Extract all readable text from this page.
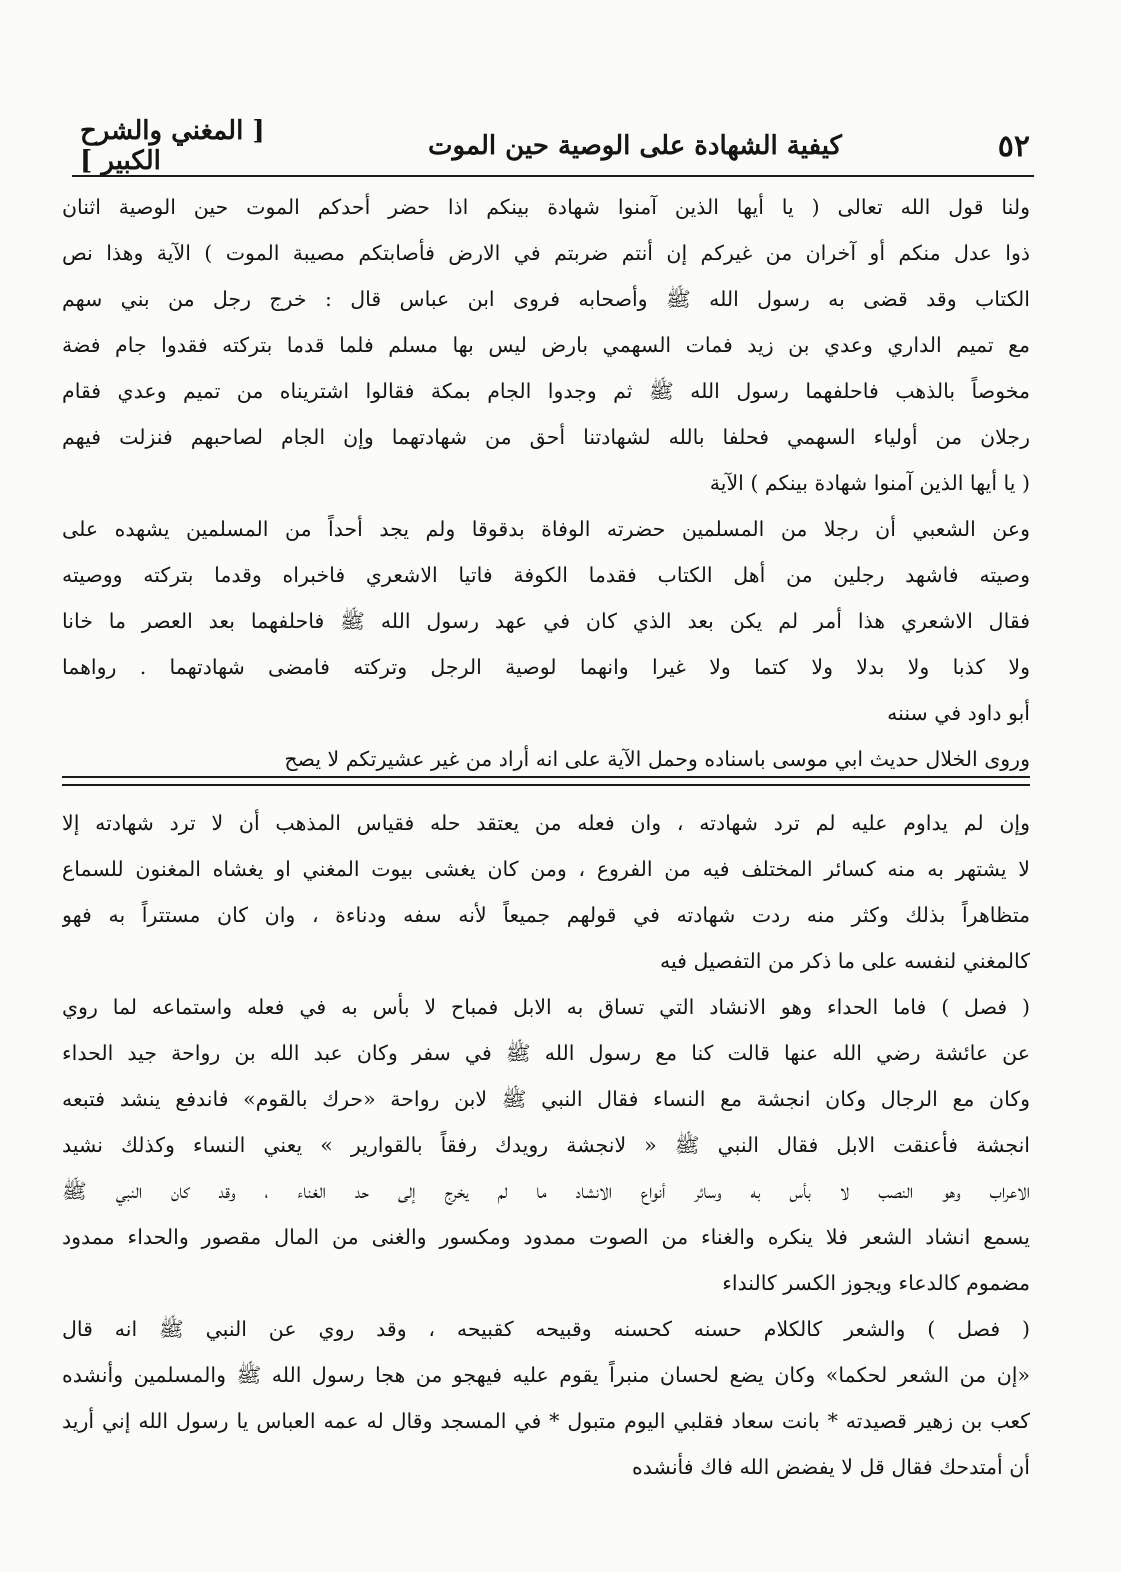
٥٢
كيفية الشهادة على الوصية حين الموت
[ المغني والشرح الكبير ]
ولنا قول الله تعالى ( يا أيها الذين آمنوا شهادة بينكم اذا حضر أحدكم الموت حين الوصية اثنان
ذوا عدل منكم أو آخران من غيركم إن أنتم ضربتم في الارض فأصابتكم مصيبة الموت ) الآية وهذا نص
الكتاب وقد قضى به رسول الله ﷺ وأصحابه فروى ابن عباس قال : خرج رجل من بني سهم
مع تميم الداري وعدي بن زيد فمات السهمي بارض ليس بها مسلم فلما قدما بتركته فقدوا جام فضة
مخوصاً بالذهب فاحلفهما رسول الله ﷺ ثم وجدوا الجام بمكة فقالوا اشتريناه من تميم وعدي فقام
رجلان من أولياء السهمي فحلفا بالله لشهادتنا أحق من شهادتهما وإن الجام لصاحبهم فنزلت فيهم
( يا أيها الذين آمنوا شهادة بينكم ) الآية
وعن الشعبي أن رجلا من المسلمين حضرته الوفاة بدقوقا ولم يجد أحداً من المسلمين يشهده على
وصيته فاشهد رجلين من أهل الكتاب فقدما الكوفة فاتيا الاشعري فاخبراه وقدما بتركته ووصيته
فقال الاشعري هذا أمر لم يكن بعد الذي كان في عهد رسول الله ﷺ فاحلفهما بعد العصر ما خانا
ولا كذبا ولا بدلا ولا كتما ولا غيرا وانهما لوصية الرجل وتركته فامضى شهادتهما . رواهما
أبو داود في سننه
وروى الخلال حديث ابي موسى باسناده وحمل الآية على انه أراد من غير عشيرتكم لا يصح
وإن لم يداوم عليه لم ترد شهادته ، وان فعله من يعتقد حله فقياس المذهب أن لا ترد شهادته إلا
لا يشتهر به منه كسائر المختلف فيه من الفروع ، ومن كان يغشى بيوت المغني او يغشاه المغنون للسماع
متظاهراً بذلك وكثر منه ردت شهادته في قولهم جميعاً لأنه سفه ودناءة ، وان كان مستتراً به فهو
كالمغني لنفسه على ما ذكر من التفصيل فيه
( فصل ) فاما الحداء وهو الانشاد التي تساق به الابل فمباح لا بأس به في فعله واستماعه لما روي
عن عائشة رضي الله عنها قالت كنا مع رسول الله ﷺ في سفر وكان عبد الله بن رواحة جيد الحداء
وكان مع الرجال وكان انجشة مع النساء فقال النبي ﷺ لابن رواحة «حرك بالقوم» فاندفع ينشد فتبعه
انجشة فأعنقت الابل فقال النبي ﷺ « لانجشة رويدك رفقاً بالقوارير » يعني النساء وكذلك نشيد
الاعراب وهو النصب لا بأس به وسائر أنواع الانشاد ما لم يخرج إلى حد الغناء ، وقد كان النبي ﷺ
يسمع انشاد الشعر فلا ينكره والغناء من الصوت ممدود ومكسور والغنى من المال مقصور والحداء ممدود
مضموم كالدعاء ويجوز الكسر كالنداء
( فصل ) والشعر كالكلام حسنه كحسنه وقبيحه كقبيحه ، وقد روي عن النبي ﷺ انه قال
«إن من الشعر لحكما» وكان يضع لحسان منبراً يقوم عليه فيهجو من هجا رسول الله ﷺ والمسلمين وأنشده
كعب بن زهير قصيدته * بانت سعاد فقلبي اليوم متبول * في المسجد وقال له عمه العباس يا رسول الله إني أريد
أن أمتدحك فقال قل لا يفضض الله فاك فأنشده
